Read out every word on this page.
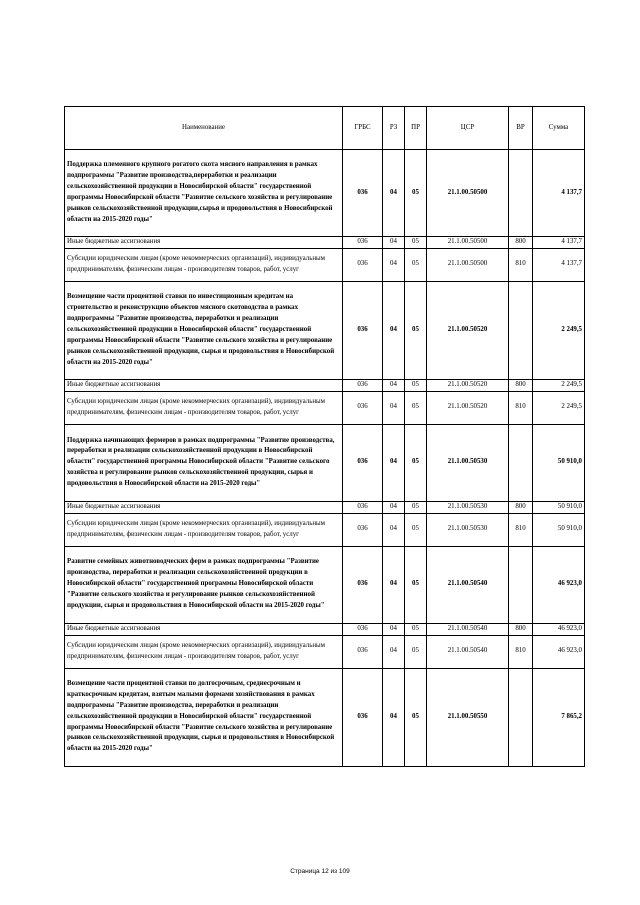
Наименование	ГРБС	РЗ	ПР	ЦСР	ВР	Сумма
Поддержка племенного крупного рогатого скота мясного направления в рамках подпрограммы "Развитие производства,переработки и реализации сельскохозяйственной продукции в Новосибирской области" государственной программы Новосибирской области "Развитие сельского хозяйства и регулирование рынков сельскохозяйственной продукции,сырья и продовольствия в Новосибирской области на 2015-2020 годы"	036	04	05	21.1.00.50500		4 137,7
Иные бюджетные ассигнования	036	04	05	21.1.00.50500	800	4 137,7
Субсидии юридическим лицам (кроме некоммерческих организаций), индивидуальным предпринимателям, физическим лицам - производителям товаров, работ, услуг	036	04	05	21.1.00.50500	810	4 137,7
Возмещение части процентной ставки по инвестиционным кредитам на строительство и реконструкцию объектов мясного скотоводства в рамках подпрограммы "Развитие производства, переработки и реализации сельскохозяйственной продукции в Новосибирской области" государственной программы Новосибирской области "Развитие сельского хозяйства и регулирование рынков сельскохозяйственной продукции, сырья и продовольствия в Новосибирской области на 2015-2020 годы"	036	04	05	21.1.00.50520		2 249,5
Иные бюджетные ассигнования	036	04	05	21.1.00.50520	800	2 249,5
Субсидии юридическим лицам (кроме некоммерческих организаций), индивидуальным предпринимателям, физическим лицам - производителям товаров, работ, услуг	036	04	05	21.1.00.50520	810	2 249,5
Поддержка начинающих фермеров в рамках подпрограммы "Развитие производства, переработки и реализации сельскохозяйственной продукции в Новосибирской области" государственной программы Новосибирской области "Развитие сельского хозяйства и регулирование рынков сельскохозяйственной продукции, сырья и продовольствия в Новосибирской области на 2015-2020 годы"	036	04	05	21.1.00.50530		50 910,0
Иные бюджетные ассигнования	036	04	05	21.1.00.50530	800	50 910,0
Субсидии юридическим лицам (кроме некоммерческих организаций), индивидуальным предпринимателям, физическим лицам - производителям товаров, работ, услуг	036	04	05	21.1.00.50530	810	50 910,0
Развитие семейных животноводческих ферм в рамках подпрограммы "Развитие производства, переработки и реализации сельскохозяйственной продукции в Новосибирской области" государственной программы Новосибирской области "Развитие сельского хозяйства и регулирование рынков сельскохозяйственной продукции, сырья и продовольствия в Новосибирской области на 2015-2020 годы"	036	04	05	21.1.00.50540		46 923,0
Иные бюджетные ассигнования	036	04	05	21.1.00.50540	800	46 923,0
Субсидии юридическим лицам (кроме некоммерческих организаций), индивидуальным предпринимателям, физическим лицам - производителям товаров, работ, услуг	036	04	05	21.1.00.50540	810	46 923,0
Возмещение части процентной ставки по долгосрочным, среднесрочным и краткосрочным кредитам, взятым малыми формами хозяйствования в рамках подпрограммы "Развитие производства, переработки и реализации сельскохозяйственной продукции в Новосибирской области" государственной программы Новосибирской области "Развитие сельского хозяйства и регулирование рынков сельскохозяйственной продукции, сырья и продовольствия в Новосибирской области на 2015-2020 годы"	036	04	05	21.1.00.50550		7 865,2
Страница 12 из 109
